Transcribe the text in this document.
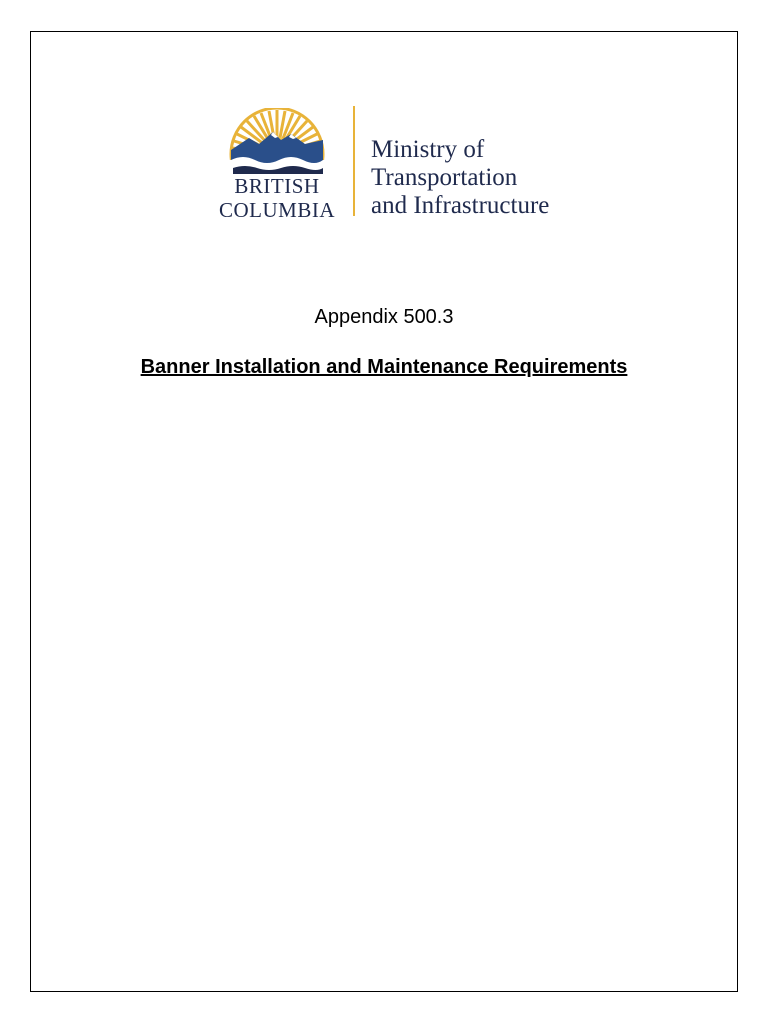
BRITISH
COLUMBIA
Ministry of
Transportation
and Infrastructure
Appendix 500.3
Banner Installation and Maintenance Requirements
